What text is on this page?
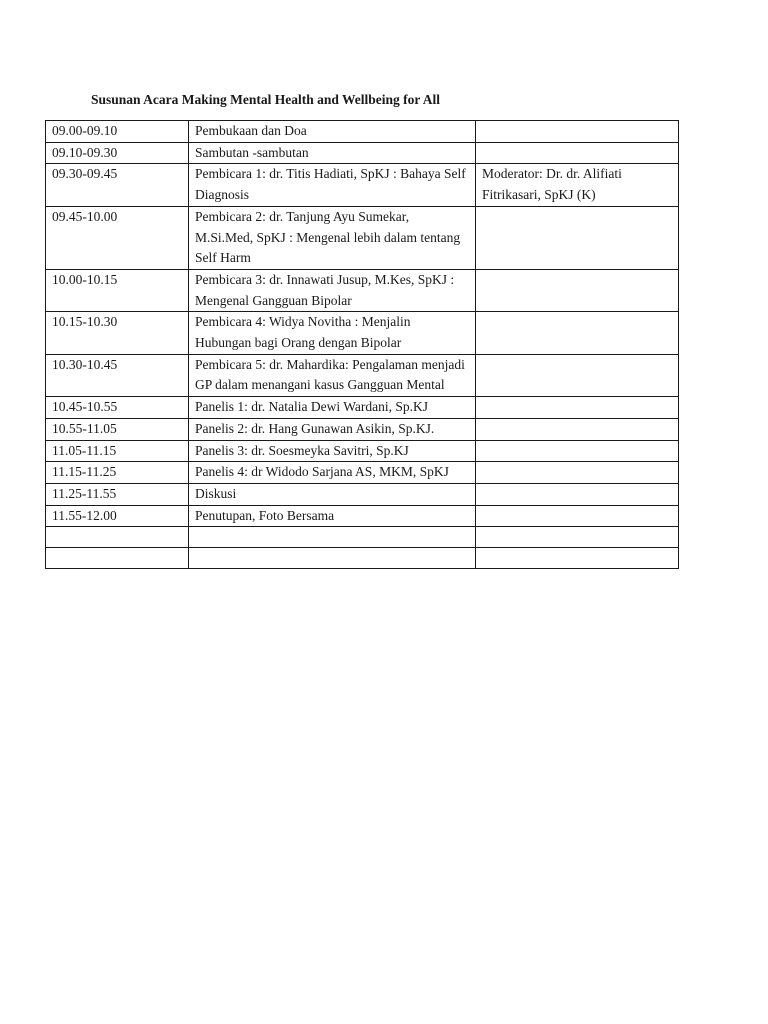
Susunan Acara Making Mental Health and Wellbeing for All
09.00-09.10	Pembukaan dan Doa	
09.10-09.30	Sambutan -sambutan	
09.30-09.45	Pembicara 1: dr. Titis Hadiati, SpKJ : Bahaya Self Diagnosis	Moderator: Dr. dr. Alifiati Fitrikasari, SpKJ (K)
09.45-10.00	Pembicara 2: dr. Tanjung Ayu Sumekar, M.Si.Med, SpKJ : Mengenal lebih dalam tentang Self Harm	
10.00-10.15	Pembicara 3: dr. Innawati Jusup, M.Kes, SpKJ : Mengenal Gangguan Bipolar	
10.15-10.30	Pembicara 4: Widya Novitha : Menjalin Hubungan bagi Orang dengan Bipolar	
10.30-10.45	Pembicara 5: dr. Mahardika: Pengalaman menjadi GP dalam menangani kasus Gangguan Mental	
10.45-10.55	Panelis 1: dr. Natalia Dewi Wardani, Sp.KJ	
10.55-11.05	Panelis 2: dr. Hang Gunawan Asikin, Sp.KJ.	
11.05-11.15	Panelis 3: dr. Soesmeyka Savitri, Sp.KJ	
11.15-11.25	Panelis 4: dr Widodo Sarjana AS, MKM, SpKJ	
11.25-11.55	Diskusi	
11.55-12.00	Penutupan, Foto Bersama	
